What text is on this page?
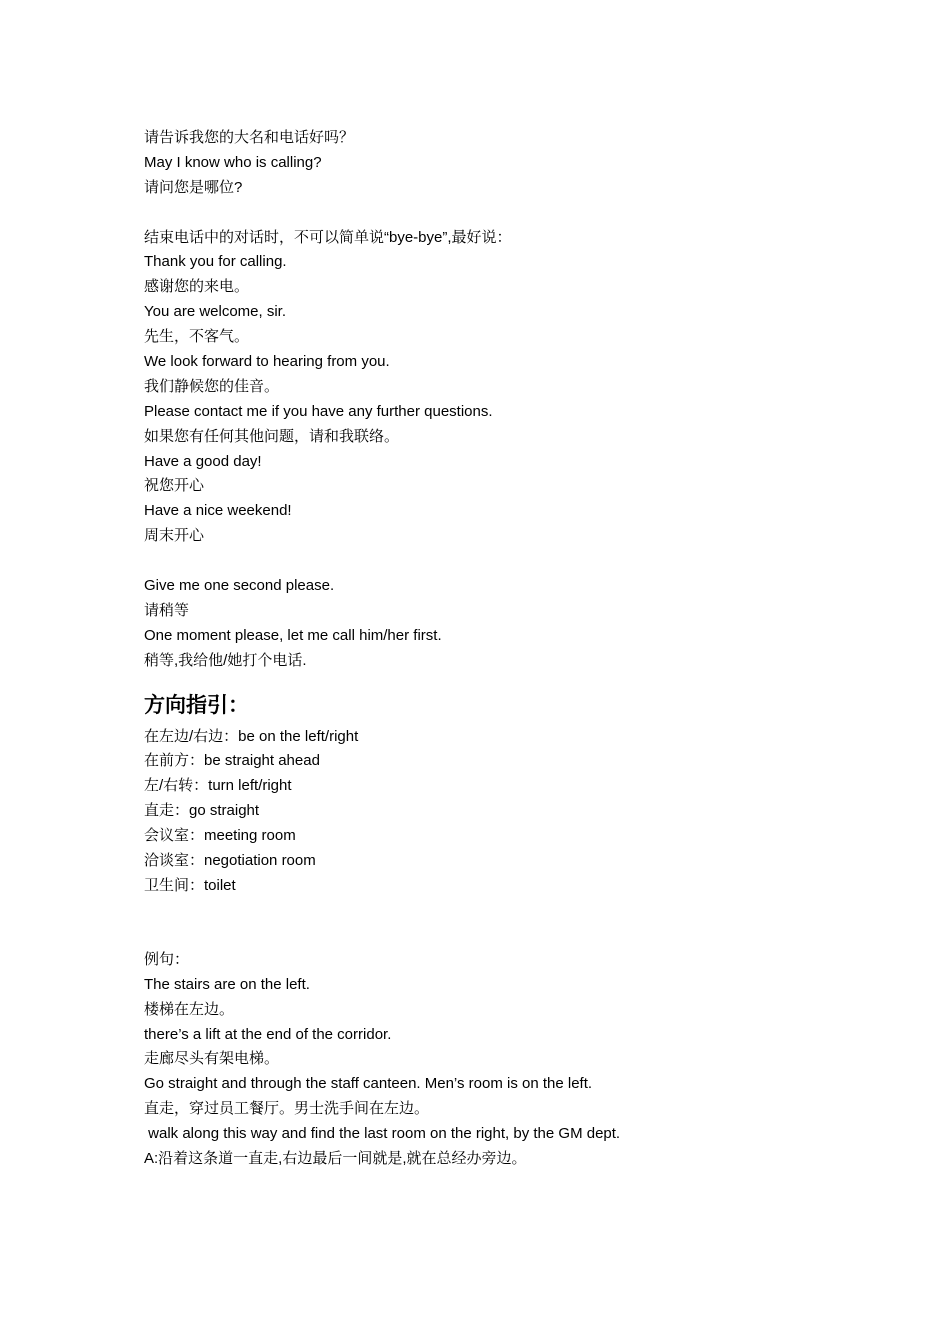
请告诉我您的大名和电话好吗？
May I know who is calling?
请问您是哪位?
结束电话中的对话时，不可以简单说“bye-bye”,最好说：
Thank you for calling.
感谢您的来电。
You are welcome, sir.
先生，不客气。
We look forward to hearing from you.
我们静候您的佳音。
Please contact me if you have any further questions.
如果您有任何其他问题，请和我联络。
Have a good day!
祝您开心
Have a nice weekend!
周末开心
Give me one second please.
请稍等
One moment please, let me call him/her first.
稍等,我给他/她打个电话.
方向指引：
在左边/右边：be on the left/right
在前方：be straight ahead
左/右转：turn left/right
直走：go straight
会议室：meeting room
洽谈室：negotiation room
卫生间：toilet
例句：
The stairs are on the left.
楼梯在左边。
there’s a lift at the end of the corridor.
走廊尽头有架电梯。
Go straight and through the staff canteen. Men’s room is on the left.
直走，穿过员工餐厅。男士洗手间在左边。
walk along this way and find the last room on the right, by the GM dept.
A:沿着这条道一直走,右边最后一间就是,就在总经办旁边。
